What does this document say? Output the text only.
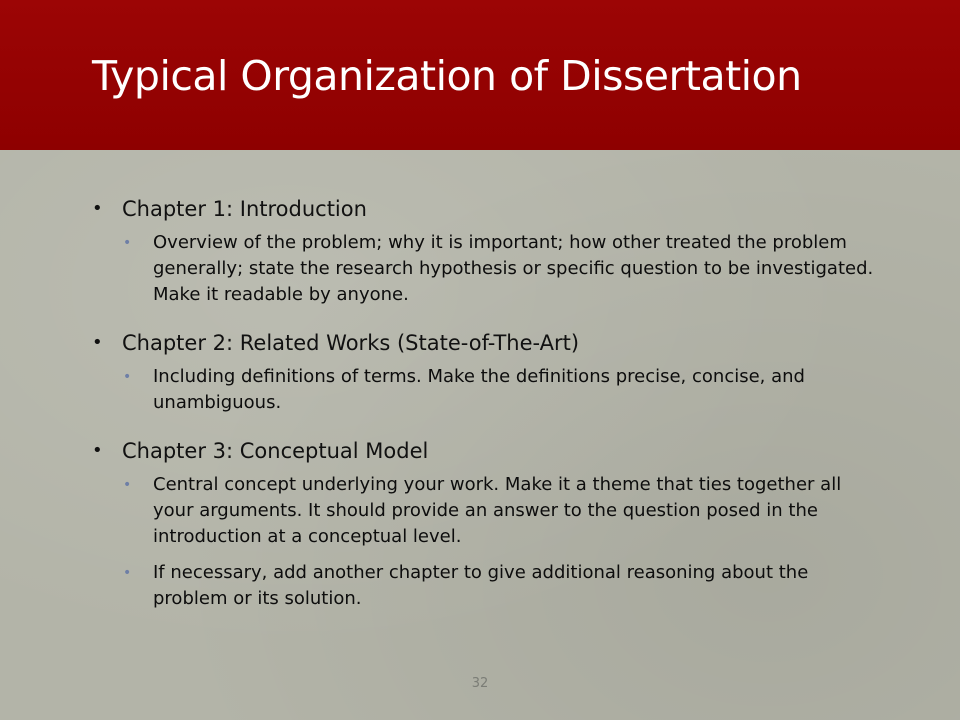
Typical Organization of Dissertation
• Chapter 1: Introduction
• Overview of the problem; why it is important; how other treated the problem generally; state the research hypothesis or specific question to be investigated. Make it readable by anyone.
• Chapter 2: Related Works (State-of-The-Art)
• Including definitions of terms. Make the definitions precise, concise, and unambiguous.
• Chapter 3: Conceptual Model
• Central concept underlying your work. Make it a theme that ties together all your arguments. It should provide an answer to the question posed in the introduction at a conceptual level.
• If necessary, add another chapter to give additional reasoning about the problem or its solution.
32
